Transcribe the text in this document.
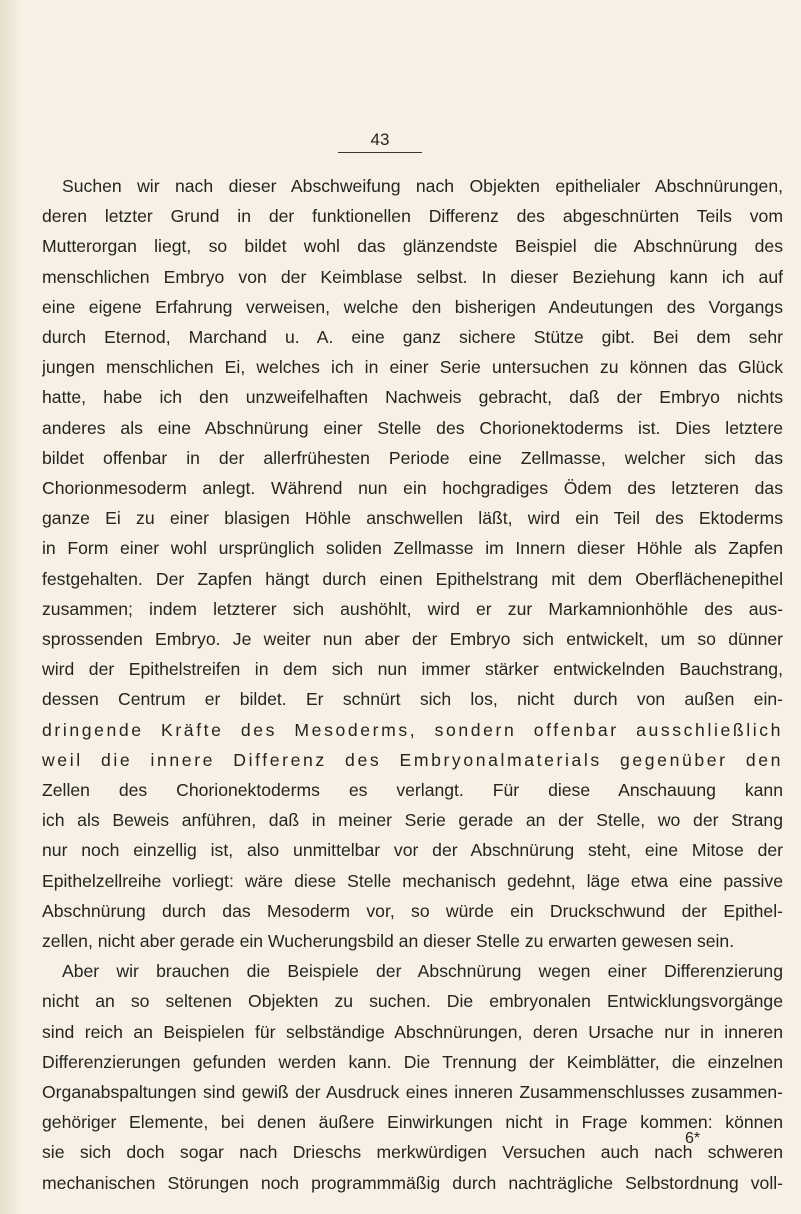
43
Suchen wir nach dieser Abschweifung nach Objekten epithelialer Abschnürungen,
deren letzter Grund in der funktionellen Differenz des abgeschnürten Teils vom
Mutterorgan liegt, so bildet wohl das glänzendste Beispiel die Abschnürung des
menschlichen Embryo von der Keimblase selbst. In dieser Beziehung kann ich auf
eine eigene Erfahrung verweisen, welche den bisherigen Andeutungen des Vorgangs
durch Eternod, Marchand u. A. eine ganz sichere Stütze gibt. Bei dem sehr
jungen menschlichen Ei, welches ich in einer Serie untersuchen zu können das Glück
hatte, habe ich den unzweifelhaften Nachweis gebracht, daß der Embryo nichts
anderes als eine Abschnürung einer Stelle des Chorionektoderms ist. Dies letztere
bildet offenbar in der allerfrühesten Periode eine Zellmasse, welcher sich das
Chorionmesoderm anlegt. Während nun ein hochgradiges Ödem des letzteren das
ganze Ei zu einer blasigen Höhle anschwellen läßt, wird ein Teil des Ektoderms
in Form einer wohl ursprünglich soliden Zellmasse im Innern dieser Höhle als Zapfen
festgehalten. Der Zapfen hängt durch einen Epithelstrang mit dem Oberflächenepithel
zusammen; indem letzterer sich aushöhlt, wird er zur Markamnionhöhle des aus-
sprossenden Embryo. Je weiter nun aber der Embryo sich entwickelt, um so dünner
wird der Epithelstreifen in dem sich nun immer stärker entwickelnden Bauchstrang,
dessen Centrum er bildet. Er schnürt sich los, nicht durch von außen ein-
dringende Kräfte des Mesoderms, sondern offenbar ausschließlich
weil die innere Differenz des Embryonalmaterials gegenüber den
Zellen des Chorionektoderms es verlangt. Für diese Anschauung kann
ich als Beweis anführen, daß in meiner Serie gerade an der Stelle, wo der Strang
nur noch einzellig ist, also unmittelbar vor der Abschnürung steht, eine Mitose der
Epithelzellreihe vorliegt: wäre diese Stelle mechanisch gedehnt, läge etwa eine passive
Abschnürung durch das Mesoderm vor, so würde ein Druckschwund der Epithel-
zellen, nicht aber gerade ein Wucherungsbild an dieser Stelle zu erwarten gewesen sein.
Aber wir brauchen die Beispiele der Abschnürung wegen einer Differenzierung
nicht an so seltenen Objekten zu suchen. Die embryonalen Entwicklungsvorgänge
sind reich an Beispielen für selbständige Abschnürungen, deren Ursache nur in inneren
Differenzierungen gefunden werden kann. Die Trennung der Keimblätter, die einzelnen
Organabspaltungen sind gewiß der Ausdruck eines inneren Zusammenschlusses zusammen-
gehöriger Elemente, bei denen äußere Einwirkungen nicht in Frage kommen: können
sie sich doch sogar nach Drieschs merkwürdigen Versuchen auch nach schweren
mechanischen Störungen noch programmmäßig durch nachträgliche Selbstordnung voll-
6*
